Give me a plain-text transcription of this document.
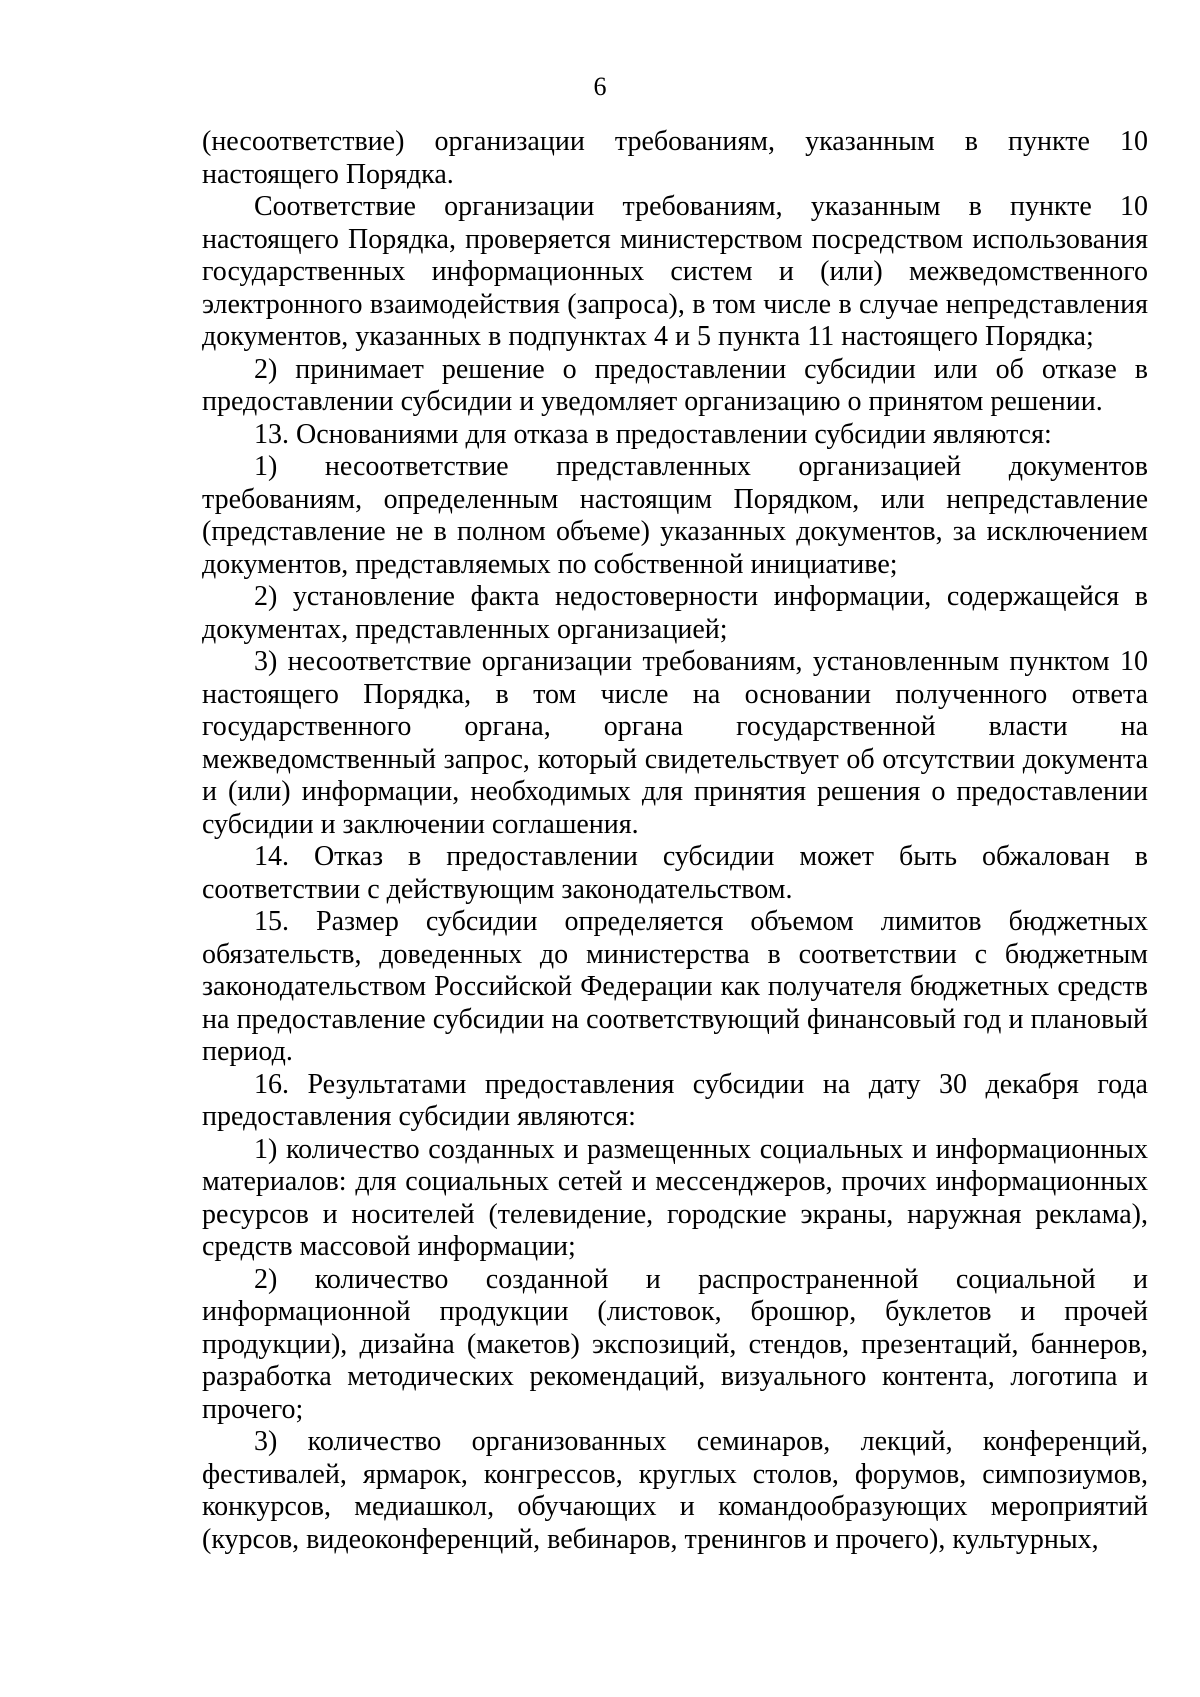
6

(несоответствие) организации требованиям, указанным в пункте 10 настоящего Порядка.

Соответствие организации требованиям, указанным в пункте 10 настоящего Порядка, проверяется министерством посредством использования государственных информационных систем и (или) межведомственного электронного взаимодействия (запроса), в том числе в случае непредставления документов, указанных в подпунктах 4 и 5 пункта 11 настоящего Порядка;

2) принимает решение о предоставлении субсидии или об отказе в предоставлении субсидии и уведомляет организацию о принятом решении.

13. Основаниями для отказа в предоставлении субсидии являются:

1) несоответствие представленных организацией документов требованиям, определенным настоящим Порядком, или непредставление (представление не в полном объеме) указанных документов, за исключением документов, представляемых по собственной инициативе;

2) установление факта недостоверности информации, содержащейся в документах, представленных организацией;

3) несоответствие организации требованиям, установленным пунктом 10 настоящего Порядка, в том числе на основании полученного ответа государственного органа, органа государственной власти на межведомственный запрос, который свидетельствует об отсутствии документа и (или) информации, необходимых для принятия решения о предоставлении субсидии и заключении соглашения.

14. Отказ в предоставлении субсидии может быть обжалован в соответствии с действующим законодательством.

15. Размер субсидии определяется объемом лимитов бюджетных обязательств, доведенных до министерства в соответствии с бюджетным законодательством Российской Федерации как получателя бюджетных средств на предоставление субсидии на соответствующий финансовый год и плановый период.

16. Результатами предоставления субсидии на дату 30 декабря года предоставления субсидии являются:

1) количество созданных и размещенных социальных и информационных материалов: для социальных сетей и мессенджеров, прочих информационных ресурсов и носителей (телевидение, городские экраны, наружная реклама), средств массовой информации;

2) количество созданной и распространенной социальной и информационной продукции (листовок, брошюр, буклетов и прочей продукции), дизайна (макетов) экспозиций, стендов, презентаций, баннеров, разработка методических рекомендаций, визуального контента, логотипа и прочего;

3) количество организованных семинаров, лекций, конференций, фестивалей, ярмарок, конгрессов, круглых столов, форумов, симпозиумов, конкурсов, медиашкол, обучающих и командообразующих мероприятий (курсов, видеоконференций, вебинаров, тренингов и прочего), культурных,
